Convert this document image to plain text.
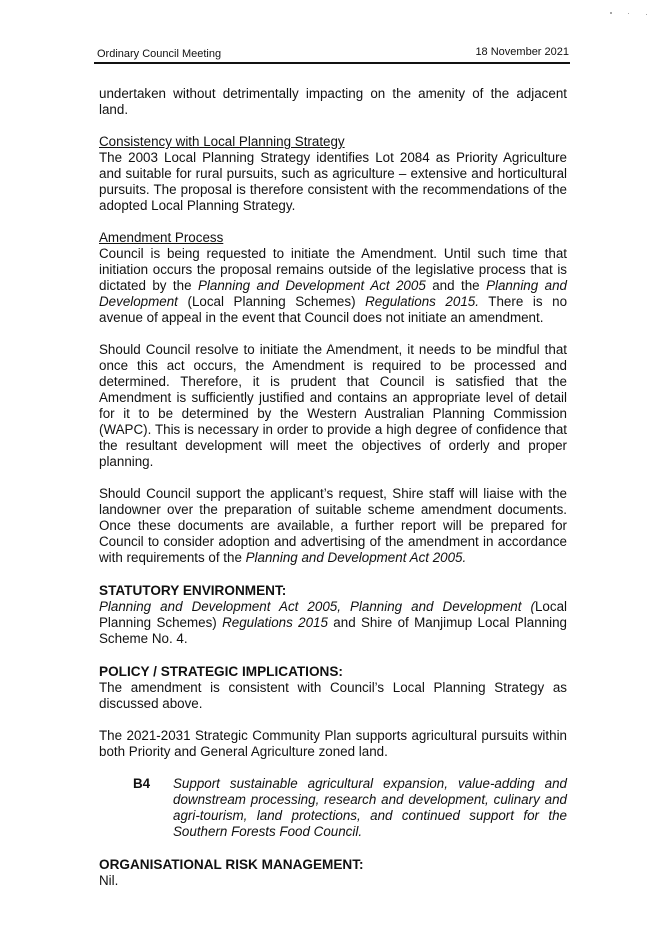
Ordinary Council Meeting	18 November 2021

undertaken without detrimentally impacting on the amenity of the adjacent land.

Consistency with Local Planning Strategy

The 2003 Local Planning Strategy identifies Lot 2084 as Priority Agriculture and suitable for rural pursuits, such as agriculture – extensive and horticultural pursuits. The proposal is therefore consistent with the recommendations of the adopted Local Planning Strategy.

Amendment Process

Council is being requested to initiate the Amendment. Until such time that initiation occurs the proposal remains outside of the legislative process that is dictated by the Planning and Development Act 2005 and the Planning and Development (Local Planning Schemes) Regulations 2015. There is no avenue of appeal in the event that Council does not initiate an amendment.

Should Council resolve to initiate the Amendment, it needs to be mindful that once this act occurs, the Amendment is required to be processed and determined. Therefore, it is prudent that Council is satisfied that the Amendment is sufficiently justified and contains an appropriate level of detail for it to be determined by the Western Australian Planning Commission (WAPC). This is necessary in order to provide a high degree of confidence that the resultant development will meet the objectives of orderly and proper planning.

Should Council support the applicant’s request, Shire staff will liaise with the landowner over the preparation of suitable scheme amendment documents. Once these documents are available, a further report will be prepared for Council to consider adoption and advertising of the amendment in accordance with requirements of the Planning and Development Act 2005.

STATUTORY ENVIRONMENT:

Planning and Development Act 2005, Planning and Development (Local Planning Schemes) Regulations 2015 and Shire of Manjimup Local Planning Scheme No. 4.

POLICY / STRATEGIC IMPLICATIONS:

The amendment is consistent with Council’s Local Planning Strategy as discussed above.

The 2021-2031 Strategic Community Plan supports agricultural pursuits within both Priority and General Agriculture zoned land.

B4	Support sustainable agricultural expansion, value-adding and downstream processing, research and development, culinary and agri-tourism, land protections, and continued support for the Southern Forests Food Council.

ORGANISATIONAL RISK MANAGEMENT:

Nil.
